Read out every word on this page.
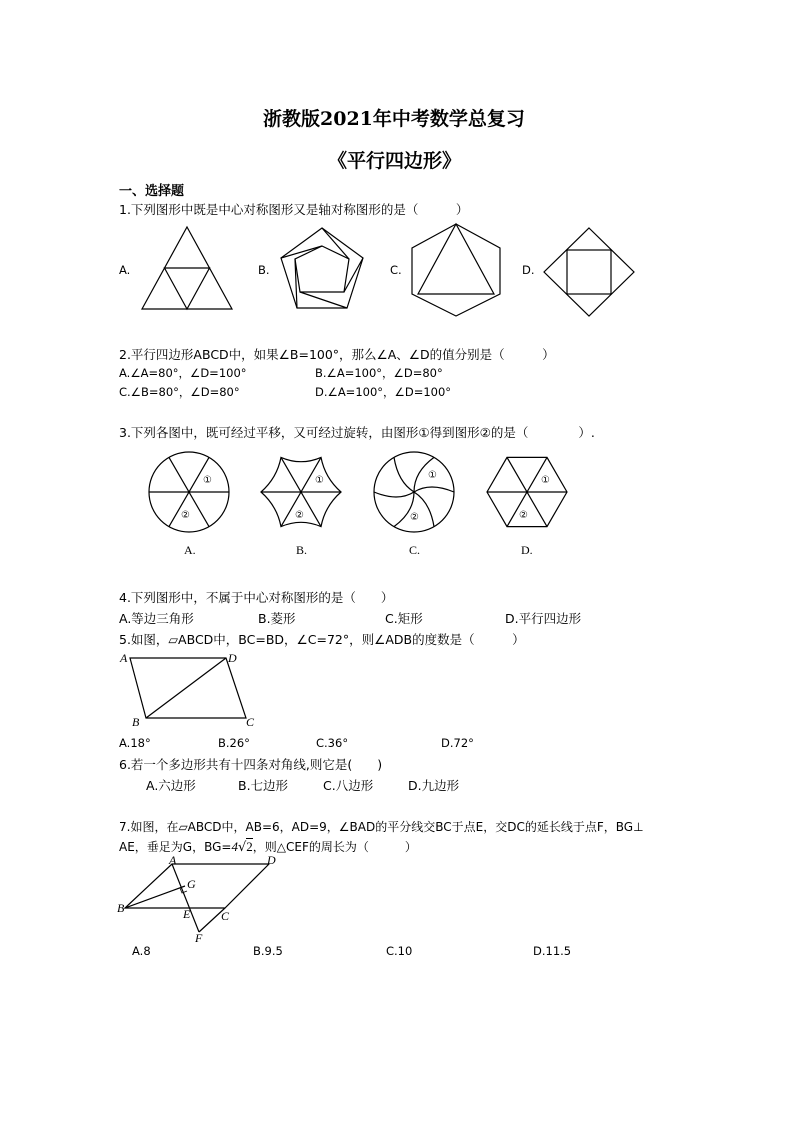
浙教版2021年中考数学总复习
《平行四边形》
一、选择题
1.下列图形中既是中心对称图形又是轴对称图形的是（　　　）
A.	B.	C.	D.
2.平行四边形ABCD中，如果∠B=100°，那么∠A、∠D的值分别是（　　　）
A.∠A=80°，∠D=100°	B.∠A=100°，∠D=80°
C.∠B=80°，∠D=80°	D.∠A=100°，∠D=100°
3.下列各图中，既可经过平移，又可经过旋转，由图形①得到图形②的是（　　　　）.
①
②
①
②
①
②
①
②
A.	B.	C.	D.
4.下列图形中，不属于中心对称图形的是（　　）
A.等边三角形	B.菱形	C.矩形	D.平行四边形
5.如图，▱ABCD中，BC=BD，∠C=72°，则∠ADB的度数是（　　　）
A	D
B	C
A.18°	B.26°	C.36°	D.72°
6.若一个多边形共有十四条对角线,则它是(　　)
A.六边形	B.七边形	C.八边形	D.九边形
7.如图，在▱ABCD中，AB=6，AD=9，∠BAD的平分线交BC于点E，交DC的延长线于点F，BG⊥
AE，垂足为G，BG=4√2，则△CEF的周长为（　　　）
A	D
B
C
E
F
G
A.8	B.9.5	C.10	D.11.5
